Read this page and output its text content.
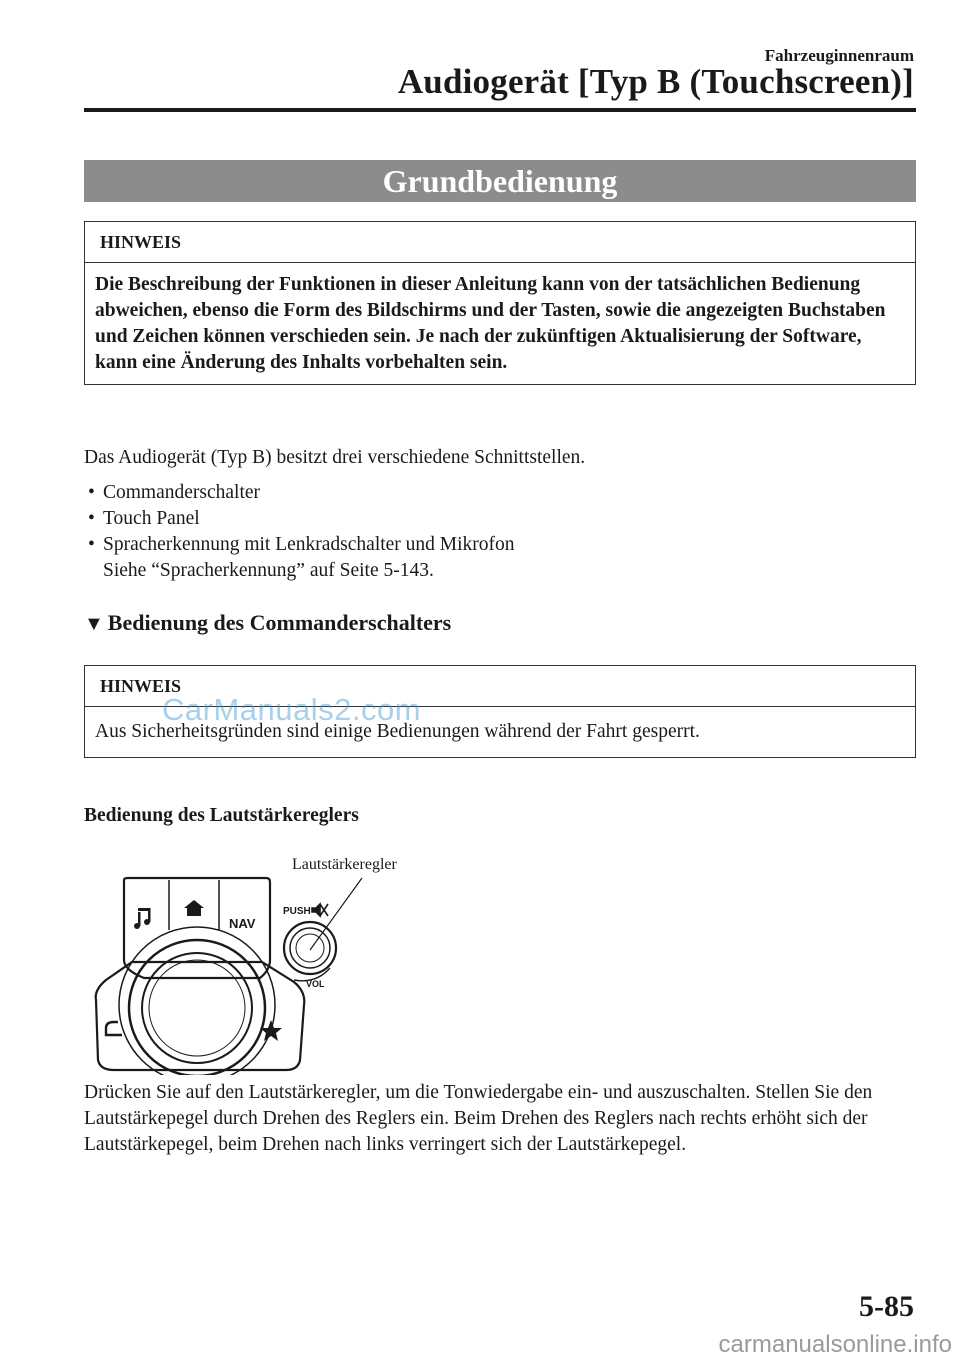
Fahrzeuginnenraum
Audiogerät [Typ B (Touchscreen)]
Grundbedienung
HINWEIS
Die Beschreibung der Funktionen in dieser Anleitung kann von der tatsächlichen Bedienung abweichen, ebenso die Form des Bildschirms und der Tasten, sowie die angezeigten Buchstaben und Zeichen können verschieden sein. Je nach der zukünftigen Aktualisierung der Software, kann eine Änderung des Inhalts vorbehalten sein.
Das Audiogerät (Typ B) besitzt drei verschiedene Schnittstellen.
• Commanderschalter
• Touch Panel
• Spracherkennung mit Lenkradschalter und Mikrofon
Siehe “Spracherkennung” auf Seite 5-143.
▼ Bedienung des Commanderschalters
HINWEIS
Aus Sicherheitsgründen sind einige Bedienungen während der Fahrt gesperrt.
CarManuals2.com
Bedienung des Lautstärkereglers
NAV
PUSH
VOL
Lautstärkeregler
Drücken Sie auf den Lautstärkeregler, um die Tonwiedergabe ein- und auszuschalten. Stellen Sie den Lautstärkepegel durch Drehen des Reglers ein. Beim Drehen des Reglers nach rechts erhöht sich der Lautstärkepegel, beim Drehen nach links verringert sich der Lautstärkepegel.
5-85
carmanualsonline.info
